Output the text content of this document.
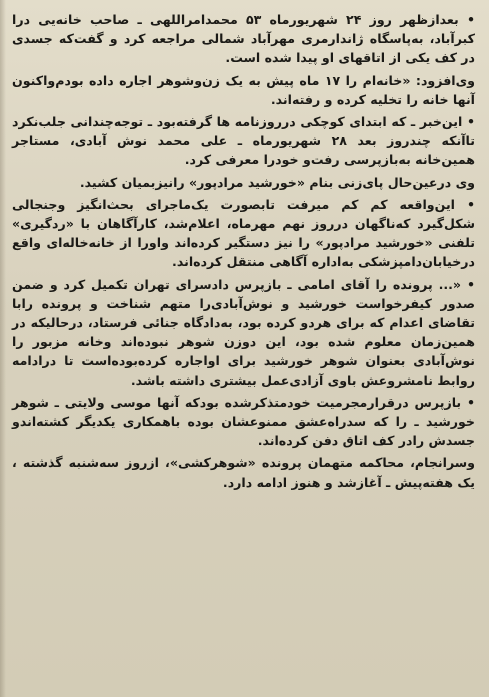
• بعدازظهر روز ۲۴ شهریورماه ۵۳ محمدامراللهی ـ صاحب خانه‌یی درا کبرآباد، به‌پاسگاه ژاندارمری مهرآباد شمالی مراجعه کرد و گفت‌که جسدی در کف یکی از اتاقهای او پیدا شده است.

وی‌افزود: «خانه‌ام را ۱۷ ماه پیش به یک زن‌وشوهر اجاره داده بودم‌واکنون آنها خانه را تخلیه کرده و رفته‌اند.

• این‌خبر ـ که ابتدای کوچکی درروزنامه ها گرفته‌بود ـ توجه‌چندانی جلب‌نکرد تاآنکه چندروز بعد ۲۸ شهریورماه ـ علی محمد نوش آبادی، مستاجر همین‌خانه به‌بازپرسی رفت‌و خودرا معرفی کرد.

وی درعین‌حال پای‌زنی بنام «خورشید مرادپور» رانیزبمیان کشید.

• این‌واقعه کم کم میرفت تابصورت یک‌ماجرای بحث‌انگیز وجنجالی شکل‌گیرد که‌ناگهان درروز نهم مهرماه، اعلام‌شد، کارآگاهان با «ردگیری» تلفنی «خورشید مرادپور» را نیز دستگیر کرده‌اند واورا از خانه‌خاله‌ای واقع درخیابان‌دامپزشکی به‌اداره آگاهی منتقل کرده‌اند.

• «... پرونده را آقای امامی ـ بازپرس دادسرای تهران تکمیل کرد و ضمن صدور کیفرخواست خورشید و نوش‌آبادی‌را متهم شناخت و پرونده رابا تقاضای اعدام که برای هردو کرده بود، به‌دادگاه جنائی فرستاد، درحالیکه در همین‌زمان معلوم شده بود، این دوزن شوهر نبوده‌اند وخانه مزبور را نوش‌آبادی بعنوان شوهر خورشید برای اواجاره کرده‌بوده‌است تا درادامه روابط نامشروعش باوی آزادی‌عمل بیشتری داشته باشد.

• بازپرس درقرارمجرمیت خودمتذکرشده بودکه آنها موسی ولایتی ـ شوهر خورشید ـ را که سدراه‌عشق ممنوعشان بوده باهمکاری یکدیگر کشته‌اندو جسدش رادر کف اتاق دفن کرده‌اند.

وسرانجام، محاکمه متهمان پرونده «شوهرکشی»، ازروز سه‌شنبه گذشته ، یک هفته‌پیش ـ آغازشد و هنوز ادامه دارد.
